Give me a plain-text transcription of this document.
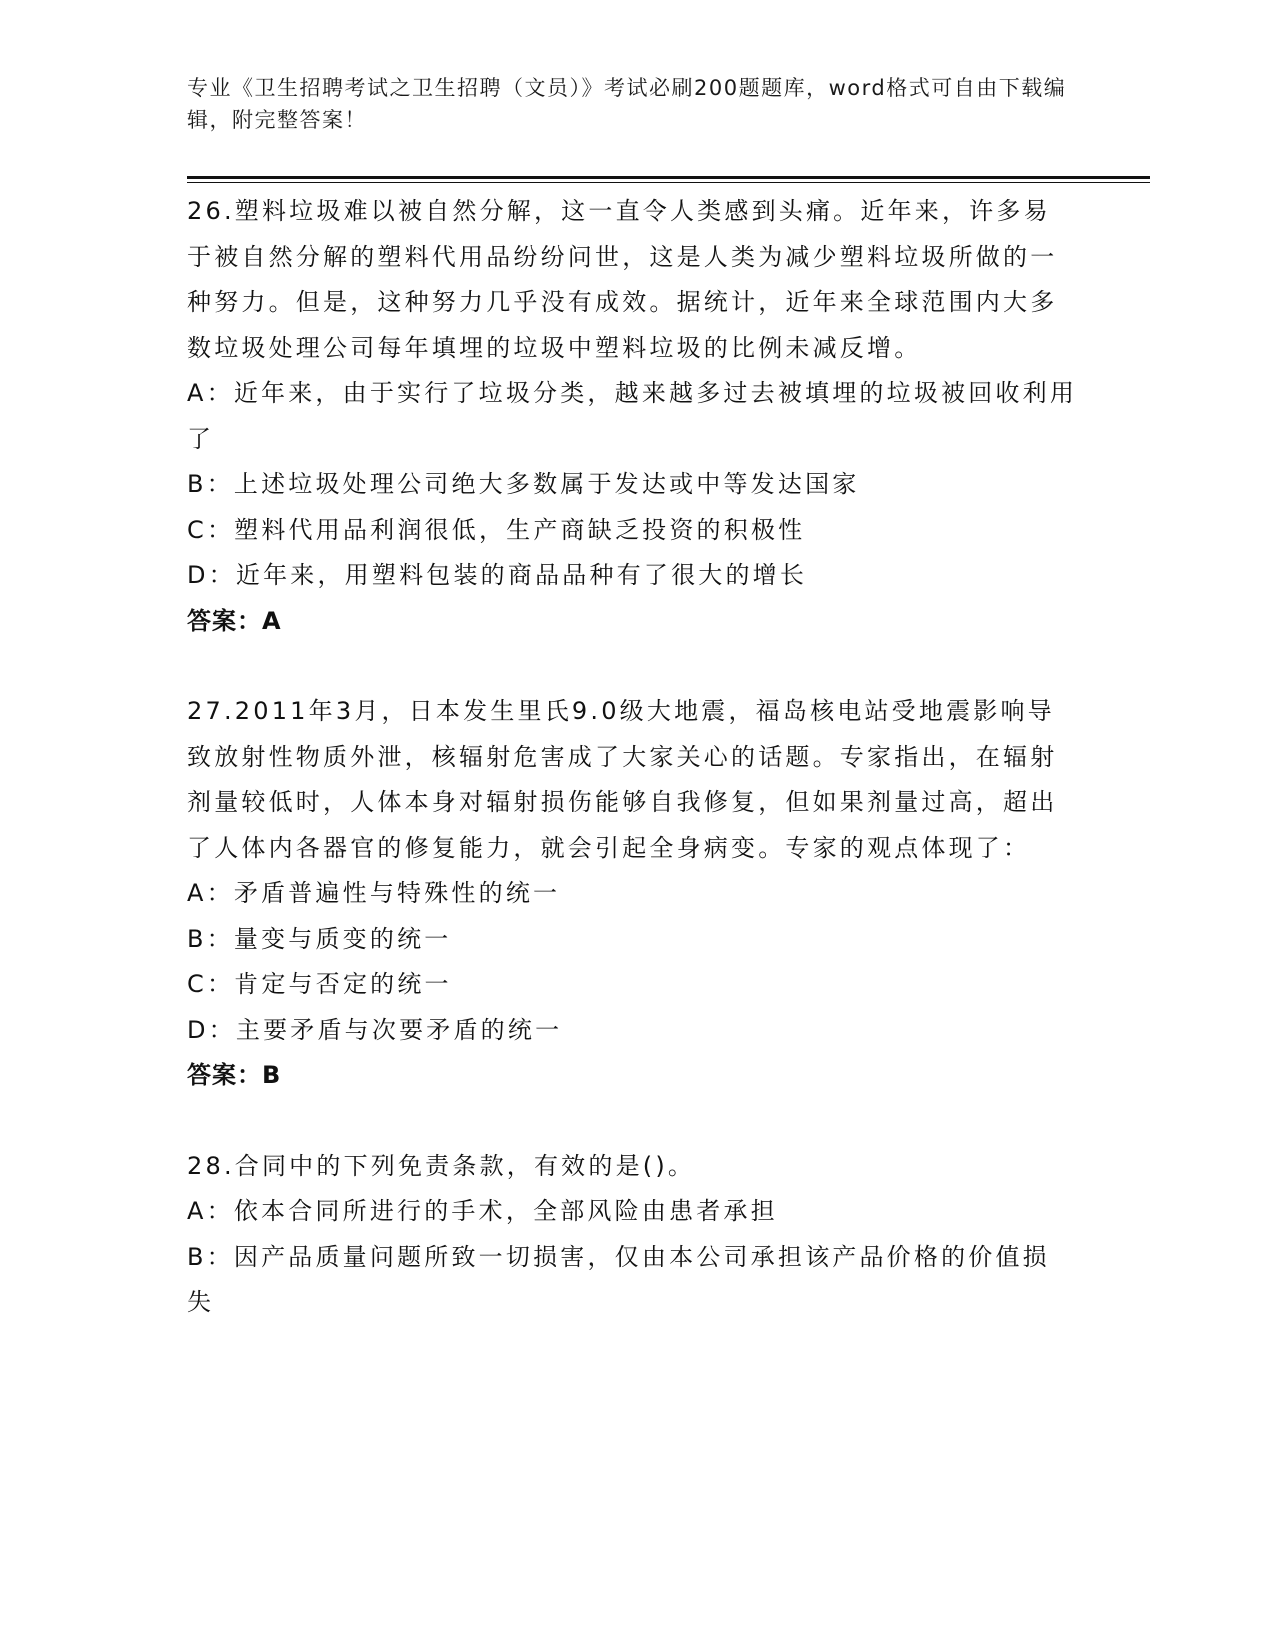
专业《卫生招聘考试之卫生招聘（文员）》考试必刷200题题库，word格式可自由下载编辑，附完整答案！
26.塑料垃圾难以被自然分解，这一直令人类感到头痛。近年来，许多易于被自然分解的塑料代用品纷纷问世，这是人类为减少塑料垃圾所做的一种努力。但是，这种努力几乎没有成效。据统计，近年来全球范围内大多数垃圾处理公司每年填埋的垃圾中塑料垃圾的比例未减反增。
A：近年来，由于实行了垃圾分类，越来越多过去被填埋的垃圾被回收利用了
B：上述垃圾处理公司绝大多数属于发达或中等发达国家
C：塑料代用品利润很低，生产商缺乏投资的积极性
D：近年来，用塑料包装的商品品种有了很大的增长
答案：A
27.2011年3月，日本发生里氏9.0级大地震，福岛核电站受地震影响导致放射性物质外泄，核辐射危害成了大家关心的话题。专家指出，在辐射剂量较低时，人体本身对辐射损伤能够自我修复，但如果剂量过高，超出了人体内各器官的修复能力，就会引起全身病变。专家的观点体现了：
A：矛盾普遍性与特殊性的统一
B：量变与质变的统一
C：肯定与否定的统一
D：主要矛盾与次要矛盾的统一
答案：B
28.合同中的下列免责条款，有效的是()。
A：依本合同所进行的手术，全部风险由患者承担
B：因产品质量问题所致一切损害，仅由本公司承担该产品价格的价值损失
